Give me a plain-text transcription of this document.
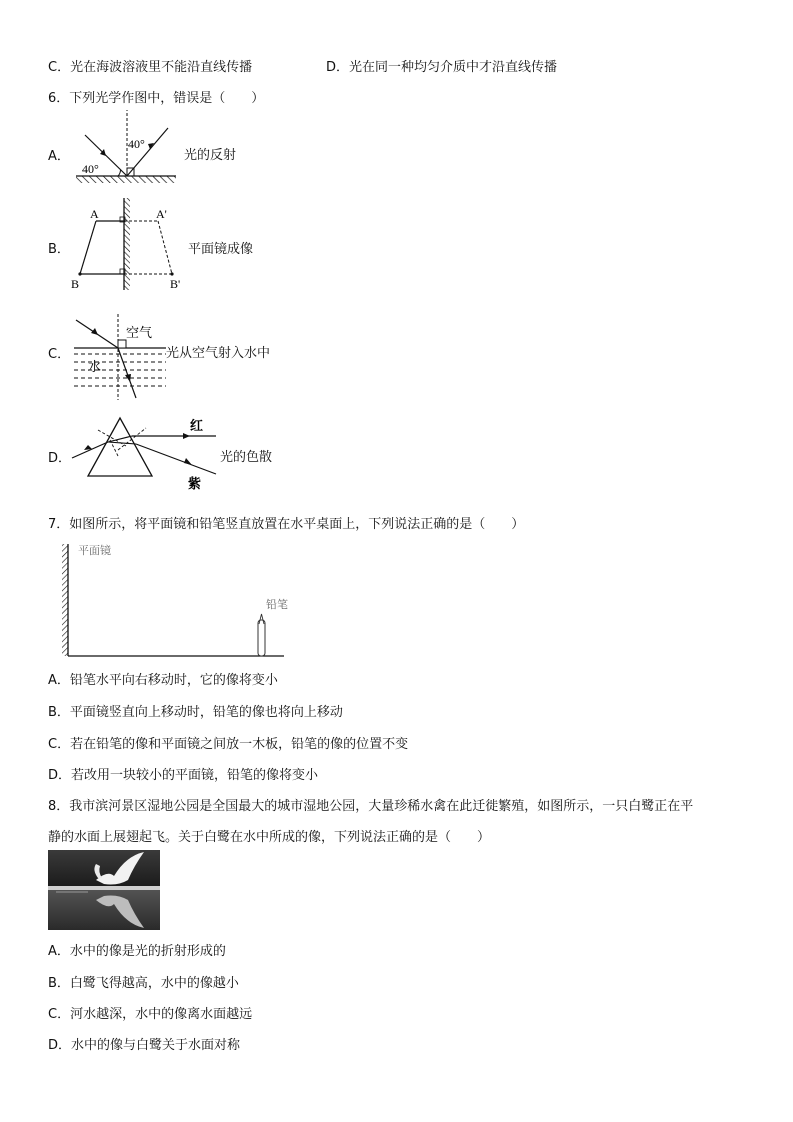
C．光在海波溶液里不能沿直线传播	D．光在同一种均匀介质中才沿直线传播
6．下列光学作图中，错误是（　　）
A．
40°
40°
光的反射
B．
A	A'
B	B'
平面镜成像
C．
空气
水
光从空气射入水中
D．
红
紫
光的色散
7．如图所示，将平面镜和铅笔竖直放置在水平桌面上，下列说法正确的是（　　）
平面镜
铅笔
A．铅笔水平向右移动时，它的像将变小
B．平面镜竖直向上移动时，铅笔的像也将向上移动
C．若在铅笔的像和平面镜之间放一木板，铅笔的像的位置不变
D．若改用一块较小的平面镜，铅笔的像将变小
8．我市滨河景区湿地公园是全国最大的城市湿地公园，大量珍稀水禽在此迁徙繁殖，如图所示，一只白鹭正在平
静的水面上展翅起飞。关于白鹭在水中所成的像，下列说法正确的是（　　）
A．水中的像是光的折射形成的
B．白鹭飞得越高，水中的像越小
C．河水越深，水中的像离水面越远
D．水中的像与白鹭关于水面对称
